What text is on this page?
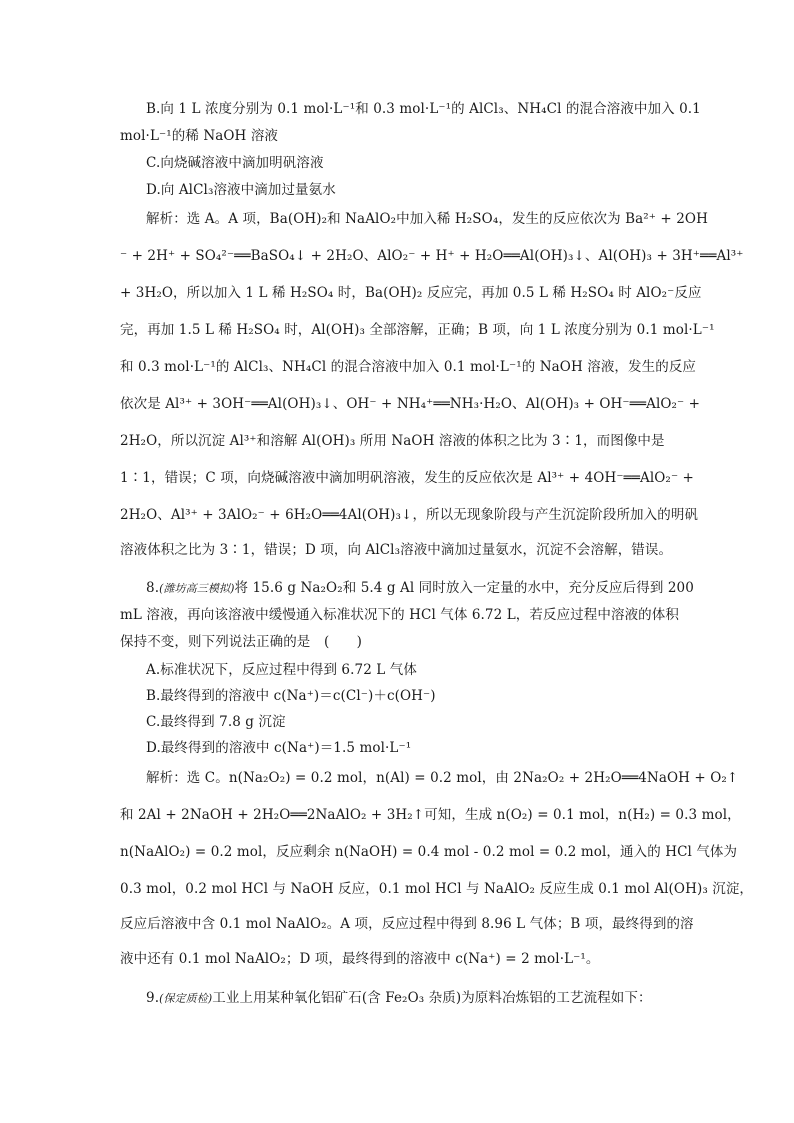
B.向 1 L 浓度分别为 0.1 mol·L⁻¹和 0.3 mol·L⁻¹的 AlCl₃、NH₄Cl 的混合溶液中加入 0.1
mol·L⁻¹的稀 NaOH 溶液
C.向烧碱溶液中滴加明矾溶液
D.向 AlCl₃溶液中滴加过量氨水
解析：选 A。A 项，Ba(OH)₂和 NaAlO₂中加入稀 H₂SO₄，发生的反应依次为 Ba²⁺ + 2OH
⁻ + 2H⁺ + SO₄²⁻══BaSO₄↓ + 2H₂O、AlO₂⁻ + H⁺ + H₂O══Al(OH)₃↓、Al(OH)₃ + 3H⁺══Al³⁺
+ 3H₂O，所以加入 1 L 稀 H₂SO₄ 时，Ba(OH)₂ 反应完，再加 0.5 L 稀 H₂SO₄ 时 AlO₂⁻反应
完，再加 1.5 L 稀 H₂SO₄ 时，Al(OH)₃ 全部溶解，正确；B 项，向 1 L 浓度分别为 0.1 mol·L⁻¹
和 0.3 mol·L⁻¹的 AlCl₃、NH₄Cl 的混合溶液中加入 0.1 mol·L⁻¹的 NaOH 溶液，发生的反应
依次是 Al³⁺ + 3OH⁻══Al(OH)₃↓、OH⁻ + NH₄⁺══NH₃·H₂O、Al(OH)₃ + OH⁻══AlO₂⁻ +
2H₂O，所以沉淀 Al³⁺和溶解 Al(OH)₃ 所用 NaOH 溶液的体积之比为 3∶1，而图像中是
1∶1，错误；C 项，向烧碱溶液中滴加明矾溶液，发生的反应依次是 Al³⁺ + 4OH⁻══AlO₂⁻ +
2H₂O、Al³⁺ + 3AlO₂⁻ + 6H₂O══4Al(OH)₃↓，所以无现象阶段与产生沉淀阶段所加入的明矾
溶液体积之比为 3∶1，错误；D 项，向 AlCl₃溶液中滴加过量氨水，沉淀不会溶解，错误。
8.(潍坊高三模拟)将 15.6 g Na₂O₂和 5.4 g Al 同时放入一定量的水中，充分反应后得到 200
mL 溶液，再向该溶液中缓慢通入标准状况下的 HCl 气体 6.72 L，若反应过程中溶液的体积
保持不变，则下列说法正确的是　(　　)
A.标准状况下，反应过程中得到 6.72 L 气体
B.最终得到的溶液中 c(Na⁺)＝c(Cl⁻)＋c(OH⁻)
C.最终得到 7.8 g 沉淀
D.最终得到的溶液中 c(Na⁺)＝1.5 mol·L⁻¹
解析：选 C。n(Na₂O₂) = 0.2 mol，n(Al) = 0.2 mol，由 2Na₂O₂ + 2H₂O══4NaOH + O₂↑
和 2Al + 2NaOH + 2H₂O══2NaAlO₂ + 3H₂↑可知，生成 n(O₂) = 0.1 mol，n(H₂) = 0.3 mol，
n(NaAlO₂) = 0.2 mol，反应剩余 n(NaOH) = 0.4 mol - 0.2 mol = 0.2 mol，通入的 HCl 气体为
0.3 mol，0.2 mol HCl 与 NaOH 反应，0.1 mol HCl 与 NaAlO₂ 反应生成 0.1 mol Al(OH)₃ 沉淀，
反应后溶液中含 0.1 mol NaAlO₂。A 项，反应过程中得到 8.96 L 气体；B 项，最终得到的溶
液中还有 0.1 mol NaAlO₂；D 项，最终得到的溶液中 c(Na⁺) = 2 mol·L⁻¹。
9.(保定质检)工业上用某种氧化铝矿石(含 Fe₂O₃ 杂质)为原料冶炼铝的工艺流程如下：
